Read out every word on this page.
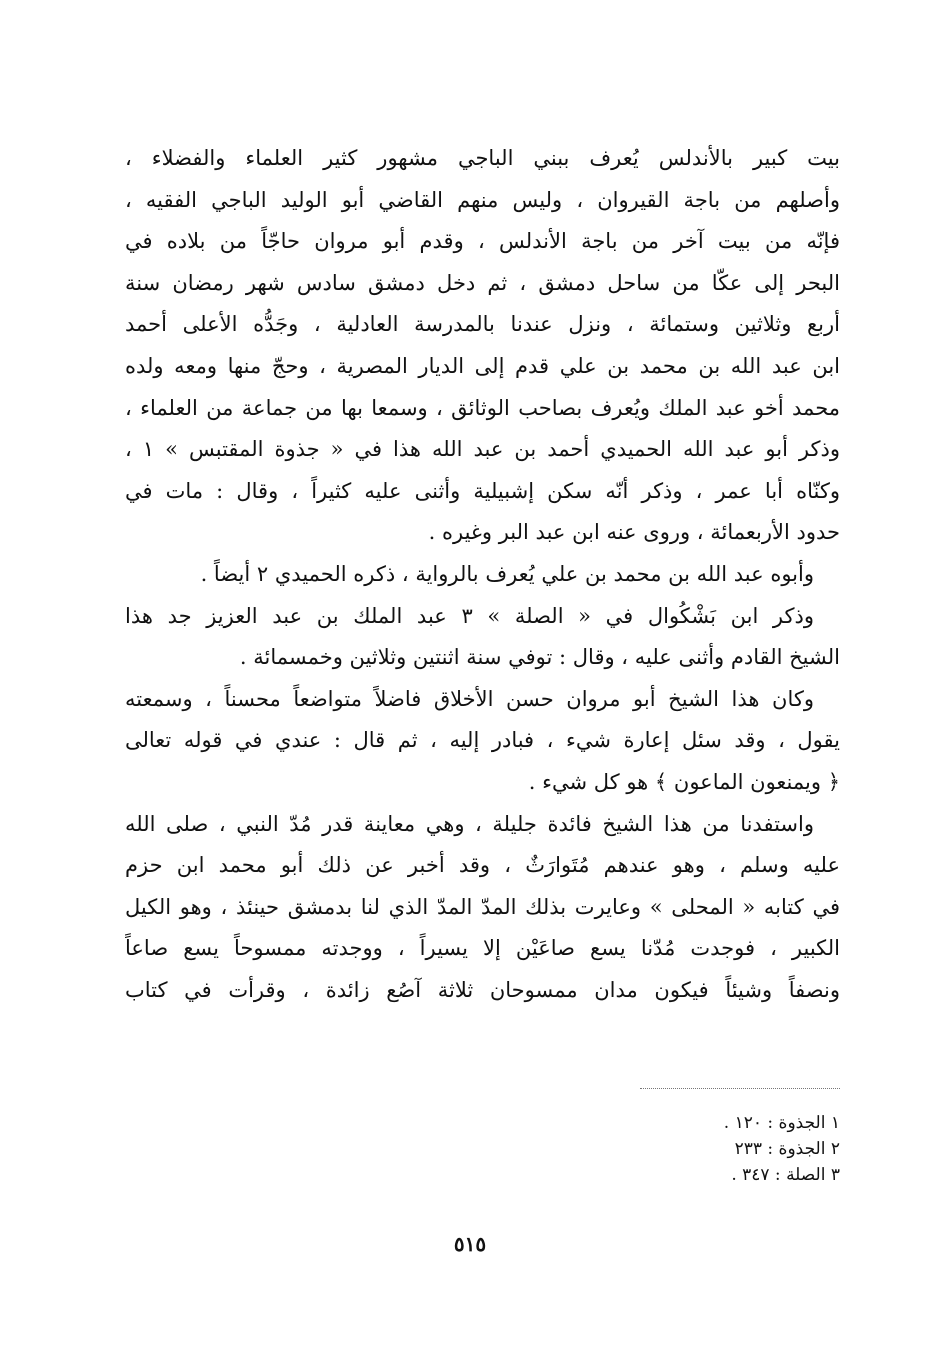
بيت كبير بالأندلس يُعرف ببني الباجي مشهور كثير العلماء والفضلاء ،
وأصلهم من باجة القيروان ، وليس منهم القاضي أبو الوليد الباجي الفقيه ،
فإنّه من بيت آخر من باجة الأندلس ، وقدم أبو مروان حاجّاً من بلاده في
البحر إلى عكّا من ساحل دمشق ، ثم دخل دمشق سادس شهر رمضان سنة
أربع وثلاثين وستمائة ، ونزل عندنا بالمدرسة العادلية ، وجَدُّه الأعلى أحمد
ابن عبد الله بن محمد بن علي قدم إلى الديار المصرية ، وحجّ منها ومعه ولده
محمد أخو عبد الملك ويُعرف بصاحب الوثائق ، وسمعا بها من جماعة من العلماء ،
وذكر أبو عبد الله الحميدي أحمد بن عبد الله هذا في « جذوة المقتبس » ١ ،
وكنّاه أبا عمر ، وذكر أنّه سكن إشبيلية وأثنى عليه كثيراً ، وقال : مات في
حدود الأربعمائة ، وروى عنه ابن عبد البر وغيره .
وأبوه عبد الله بن محمد بن علي يُعرف بالرواية ، ذكره الحميدي ٢ أيضاً .
وذكر ابن بَشْكُوال في « الصلة » ٣ عبد الملك بن عبد العزيز جد هذا
الشيخ القادم وأثنى عليه ، وقال : توفي سنة اثنتين وثلاثين وخمسمائة .
وكان هذا الشيخ أبو مروان حسن الأخلاق فاضلاً متواضعاً محسناً ، وسمعته
يقول ، وقد سئل إعارة شيء ، فبادر إليه ، ثم قال : عندي في قوله تعالى
﴿ ويمنعون الماعون ﴾ هو كل شيء .
واستفدنا من هذا الشيخ فائدة جليلة ، وهي معاينة قدر مُدّ النبي ، صلى الله
عليه وسلم ، وهو عندهم مُتَوارَثٌ ، وقد أخبر عن ذلك أبو محمد ابن حزم
في كتابه « المحلى » وعايرت بذلك المدّ المدّ الذي لنا بدمشق حينئذ ، وهو الكيل
الكبير ، فوجدت مُدّنا يسع صاعَيْن إلا يسيراً ، ووجدته ممسوحاً يسع صاعاً
ونصفاً وشيئاً فيكون مدان ممسوحان ثلاثة آصُع زائدة ، وقرأت في كتاب
١ الجذوة : ١٢٠ .
٢ الجذوة : ٢٣٣
٣ الصلة : ٣٤٧ .
٥١٥
